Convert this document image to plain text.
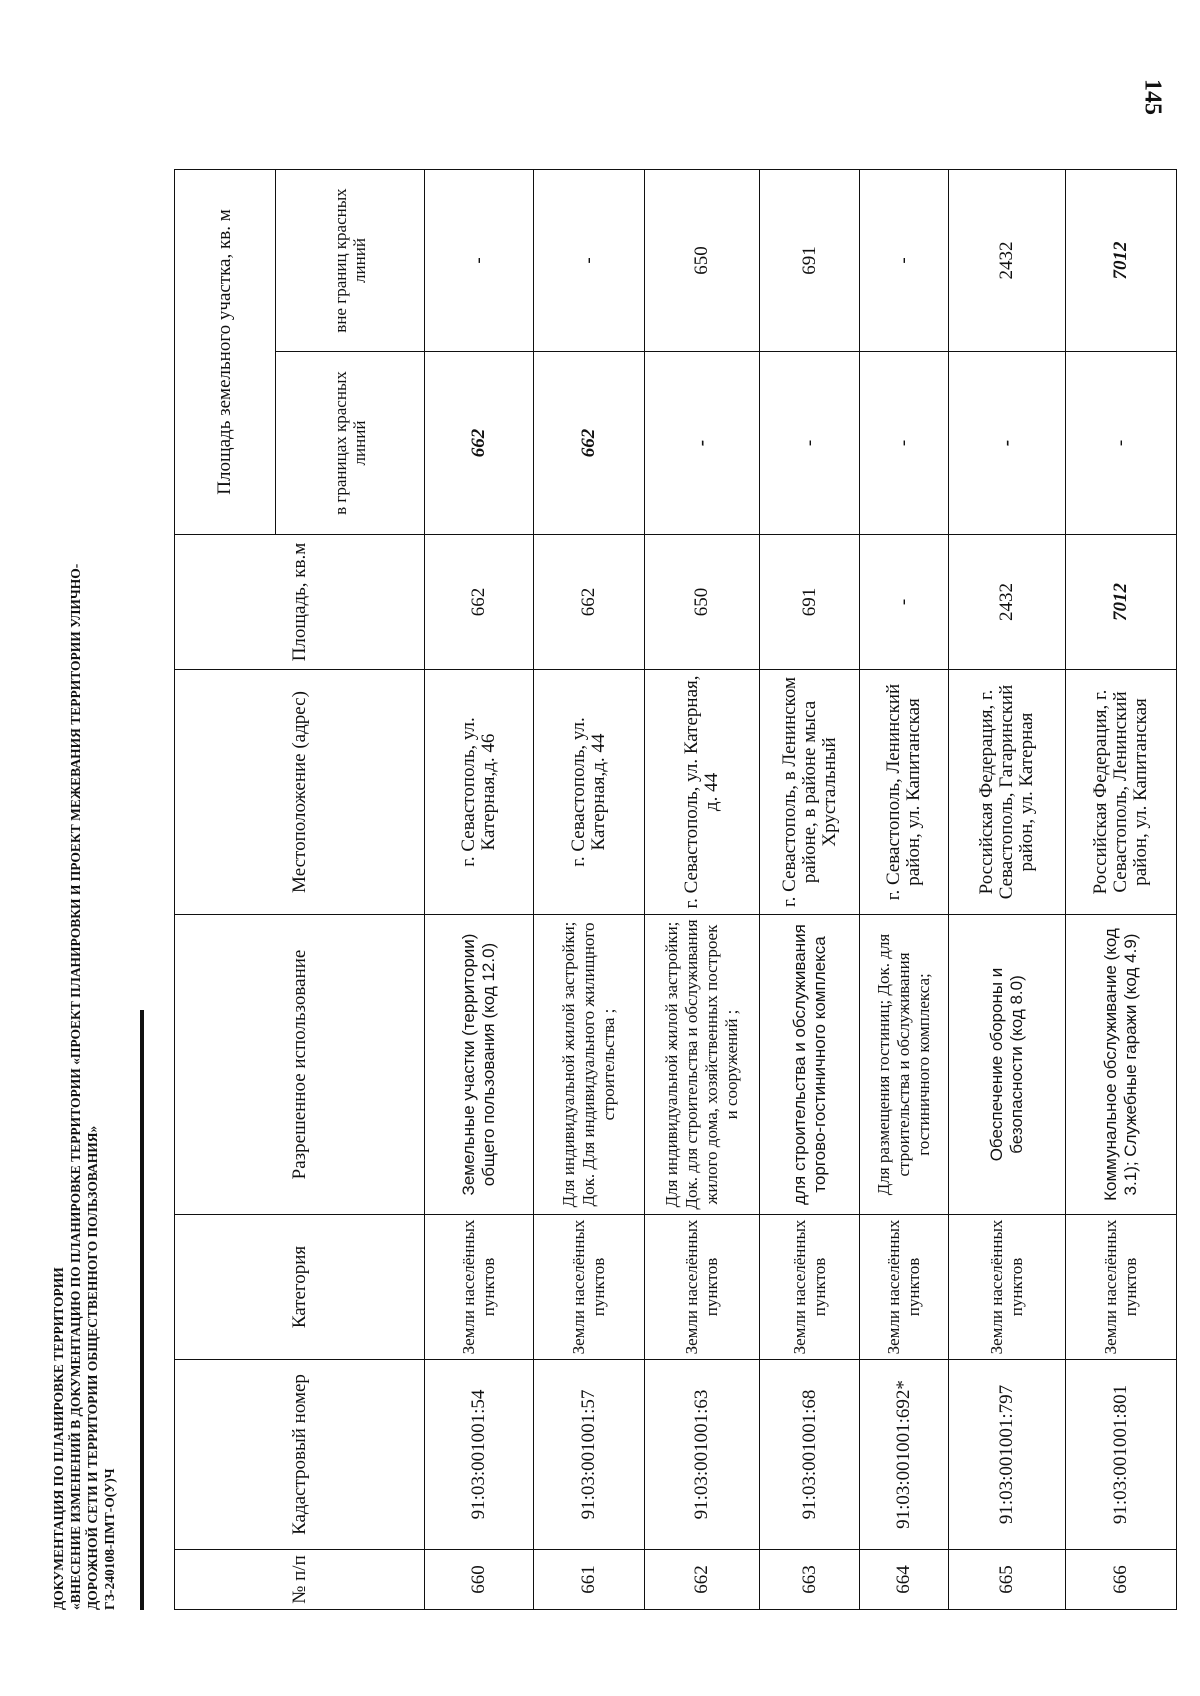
145
ДОКУМЕНТАЦИЯ ПО ПЛАНИРОВКЕ ТЕРРИТОРИИ «ВНЕСЕНИЕ ИЗМЕНЕНИЙ В ДОКУМЕНТАЦИЮ ПО ПЛАНИРОВКЕ ТЕРРИТОРИИ «ПРОЕКТ ПЛАНИРОВКИ И ПРОЕКТ МЕЖЕВАНИЯ ТЕРРИТОРИИ УЛИЧНО- ДОРОЖНОЙ СЕТИ И ТЕРРИТОРИИ ОБЩЕСТВЕННОГО ПОЛЬЗОВАНИЯ» ГЗ-240108-ПМТ-О(У)Ч	№ п/п	Кадастровый номер	Категория	Разрешенное использование	Местоположение (адрес)	Площадь, кв.м	Площадь земельного участка, кв. м	
						в границах красных линий	вне границ красных линий
660	91:03:001001:54	Земли населённых пунктов	Земельные участки (территории) общего пользования (код 12.0)	г. Севастополь, ул. Катерная,д. 46	662	662	-
661	91:03:001001:57	Земли населённых пунктов	Для индивидуальной жилой застройки; Док. Для индивидуального жилищного строительства ;	г. Севастополь, ул. Катерная,д. 44	662	662	-
662	91:03:001001:63	Земли населённых пунктов	Для индивидуальной жилой застройки; Док. для строительства и обслуживания жилого дома, хозяйственных построек и сооружений ;	г. Севастополь, ул. Катерная, д. 44	650	-	650
663	91:03:001001:68	Земли населённых пунктов	для строительства и обслуживания торгово-гостиничного комплекса	г. Севастополь, в Ленинском районе, в районе мыса Хрустальный	691	-	691
664	91:03:001001:692*	Земли населённых пунктов	Для размещения гостиниц; Док. для строительства и обслуживания гостиничного комплекса;	г. Севастополь, Ленинский район, ул. Капитанская	-	-	-
665	91:03:001001:797	Земли населённых пунктов	Обеспечение обороны и безопасности (код 8.0)	Российская Федерация, г. Севастополь, Гагаринский район, ул. Катерная	2432	-	2432
666	91:03:001001:801	Земли населённых пунктов	Коммунальное обслуживание (код 3.1); Служебные гаражи (код 4.9)	Российская Федерация, г. Севастополь, Ленинский район, ул. Капитанская	7012	-	7012
